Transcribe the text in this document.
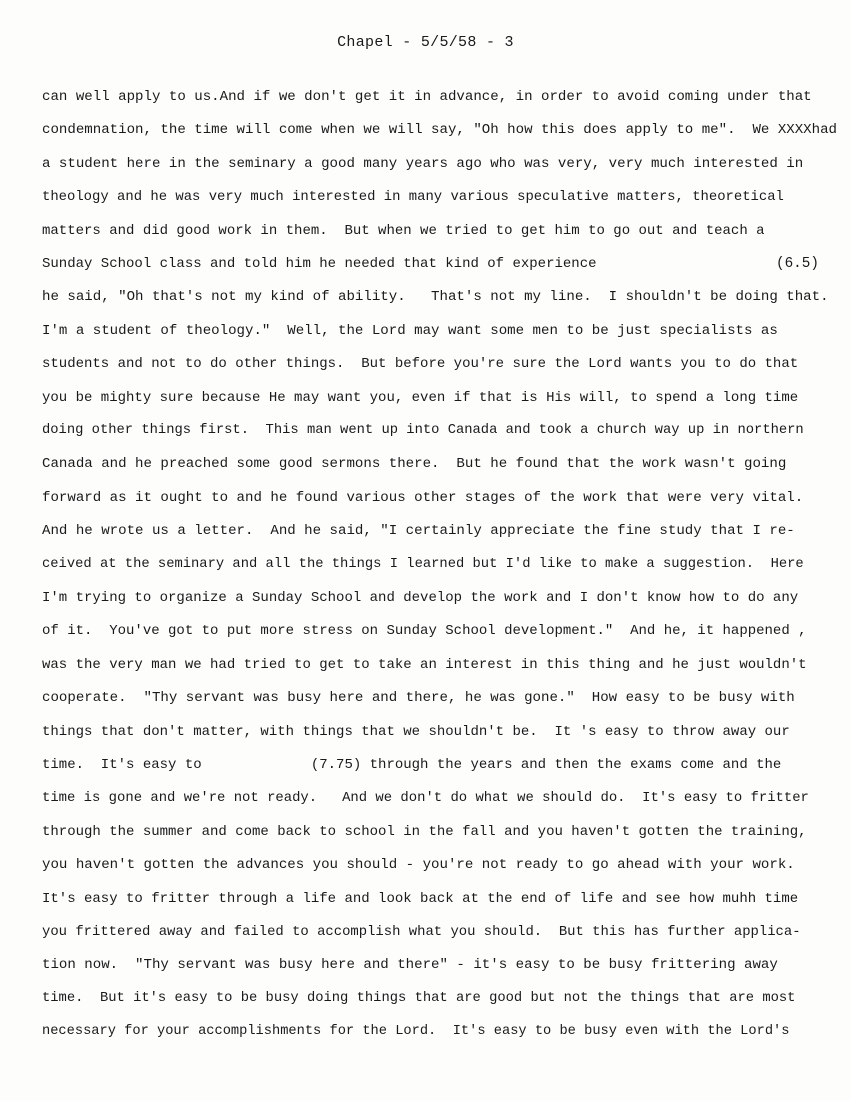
Chapel - 5/5/58 - 3
can well apply to us.And if we don't get it in advance, in order to avoid coming under that
condemnation, the time will come when we will say, "Oh how this does apply to me".  We XXXXhad
a student here in the seminary a good many years ago who was very, very much interested in
theology and he was very much interested in many various speculative matters, theoretical
matters and did good work in them.  But when we tried to get him to go out and teach a
Sunday School class and told him he needed that kind of experience
he said, "Oh that's not my kind of ability.   That's not my line.  I shouldn't be doing that.
I'm a student of theology."  Well, the Lord may want some men to be just specialists as
students and not to do other things.  But before you're sure the Lord wants you to do that
you be mighty sure because He may want you, even if that is His will, to spend a long time
doing other things first.  This man went up into Canada and took a church way up in northern
Canada and he preached some good sermons there.  But he found that the work wasn't going
forward as it ought to and he found various other stages of the work that were very vital.
And he wrote us a letter.  And he said, "I certainly appreciate the fine study that I re-
ceived at the seminary and all the things I learned but I'd like to make a suggestion.  Here
I'm trying to organize a Sunday School and develop the work and I don't know how to do any
of it.  You've got to put more stress on Sunday School development."  And he, it happened ,
was the very man we had tried to get to take an interest in this thing and he just wouldn't
cooperate.  "Thy servant was busy here and there, he was gone."  How easy to be busy with
things that don't matter, with things that we shouldn't be.  It 's easy to throw away our
time.  It's easy to             (7.75) through the years and then the exams come and the
time is gone and we're not ready.   And we don't do what we should do.  It's easy to fritter
through the summer and come back to school in the fall and you haven't gotten the training,
you haven't gotten the advances you should - you're not ready to go ahead with your work.
It's easy to fritter through a life and look back at the end of life and see how muhh time
you frittered away and failed to accomplish what you should.  But this has further applica-
tion now.  "Thy servant was busy here and there" - it's easy to be busy frittering away
time.  But it's easy to be busy doing things that are good but not the things that are most
necessary for your accomplishments for the Lord.  It's easy to be busy even with the Lord's
(6.5)
